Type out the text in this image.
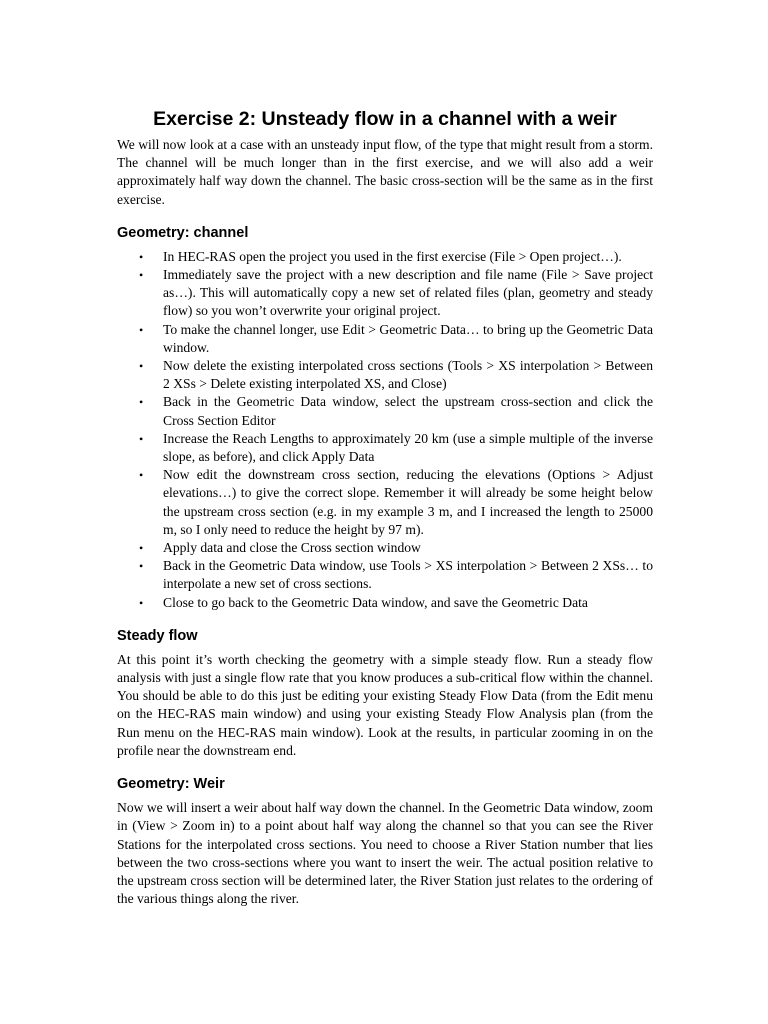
Exercise 2: Unsteady flow in a channel with a weir

We will now look at a case with an unsteady input flow, of the type that might result from a storm. The channel will be much longer than in the first exercise, and we will also add a weir approximately half way down the channel. The basic cross-section will be the same as in the first exercise.

Geometry: channel
• In HEC-RAS open the project you used in the first exercise (File > Open project…).
• Immediately save the project with a new description and file name (File > Save project as…). This will automatically copy a new set of related files (plan, geometry and steady flow) so you won’t overwrite your original project.
• To make the channel longer, use Edit > Geometric Data… to bring up the Geometric Data window.
• Now delete the existing interpolated cross sections (Tools > XS interpolation > Between 2 XSs > Delete existing interpolated XS, and Close)
• Back in the Geometric Data window, select the upstream cross-section and click the Cross Section Editor
• Increase the Reach Lengths to approximately 20 km (use a simple multiple of the inverse slope, as before), and click Apply Data
• Now edit the downstream cross section, reducing the elevations (Options > Adjust elevations…) to give the correct slope. Remember it will already be some height below the upstream cross section (e.g. in my example 3 m, and I increased the length to 25000 m, so I only need to reduce the height by 97 m).
• Apply data and close the Cross section window
• Back in the Geometric Data window, use Tools > XS interpolation > Between 2 XSs… to interpolate a new set of cross sections.
• Close to go back to the Geometric Data window, and save the Geometric Data
Steady flow

At this point it’s worth checking the geometry with a simple steady flow. Run a steady flow analysis with just a single flow rate that you know produces a sub-critical flow within the channel. You should be able to do this just be editing your existing Steady Flow Data (from the Edit menu on the HEC-RAS main window) and using your existing Steady Flow Analysis plan (from the Run menu on the HEC-RAS main window). Look at the results, in particular zooming in on the profile near the downstream end.

Geometry: Weir

Now we will insert a weir about half way down the channel. In the Geometric Data window, zoom in (View > Zoom in) to a point about half way along the channel so that you can see the River Stations for the interpolated cross sections. You need to choose a River Station number that lies between the two cross-sections where you want to insert the weir. The actual position relative to the upstream cross section will be determined later, the River Station just relates to the ordering of the various things along the river.
